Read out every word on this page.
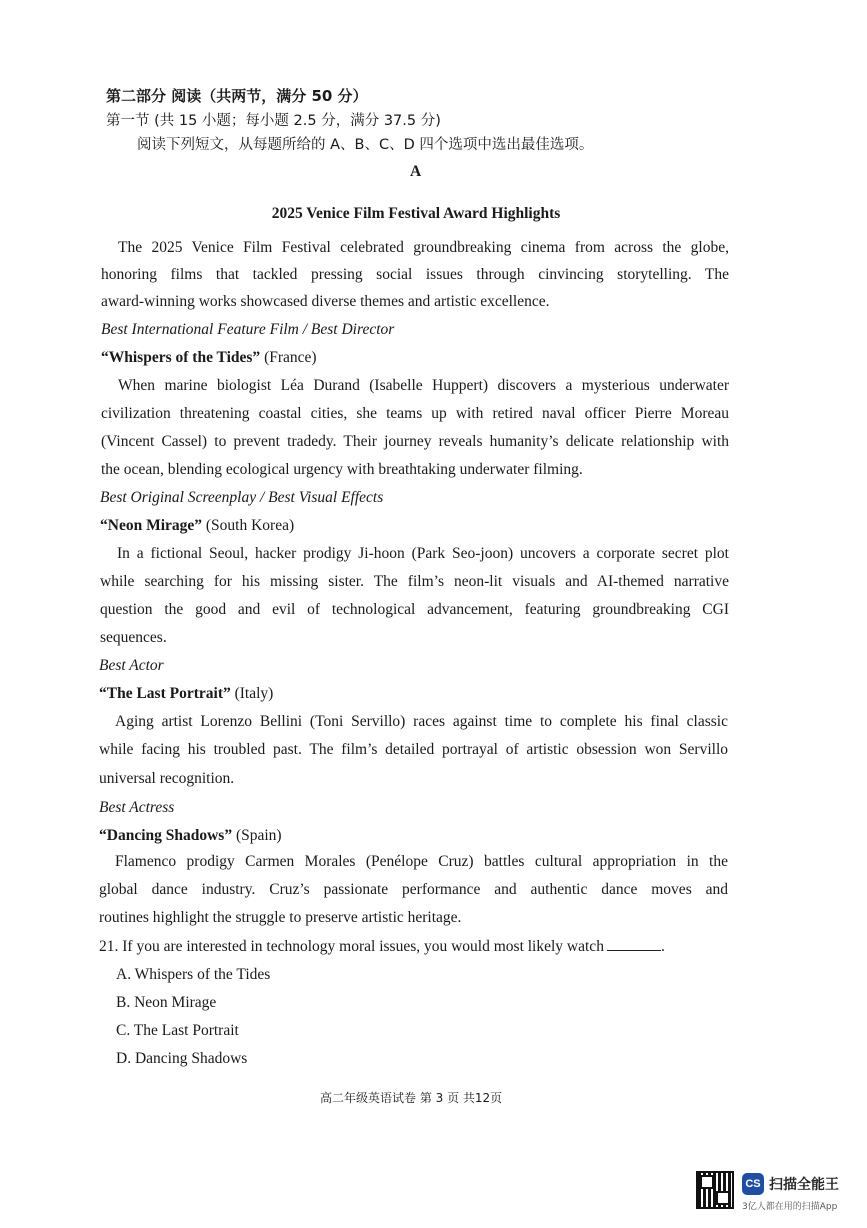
第二部分 阅读（共两节，满分 50 分）
第一节 (共 15 小题；每小题 2.5 分，满分 37.5 分)
阅读下列短文，从每题所给的 A、B、C、D 四个选项中选出最佳选项。
A
2025 Venice Film Festival Award Highlights
The 2025 Venice Film Festival celebrated groundbreaking cinema from across the globe,
honoring films that tackled pressing social issues through cinvincing storytelling. The
award-winning works showcased diverse themes and artistic excellence.
Best International Feature Film / Best Director
“Whispers of the Tides” (France)
When marine biologist Léa Durand (Isabelle Huppert) discovers a mysterious underwater
civilization threatening coastal cities, she teams up with retired naval officer Pierre Moreau
(Vincent Cassel) to prevent tradedy. Their journey reveals humanity’s delicate relationship with
the ocean, blending ecological urgency with breathtaking underwater filming.
Best Original Screenplay / Best Visual Effects
“Neon Mirage” (South Korea)
In a fictional Seoul, hacker prodigy Ji-hoon (Park Seo-joon) uncovers a corporate secret plot
while searching for his missing sister. The film’s neon-lit visuals and AI-themed narrative
question the good and evil of technological advancement, featuring groundbreaking CGI
sequences.
Best Actor
“The Last Portrait” (Italy)
Aging artist Lorenzo Bellini (Toni Servillo) races against time to complete his final classic
while facing his troubled past. The film’s detailed portrayal of artistic obsession won Servillo
universal recognition.
Best Actress
“Dancing Shadows” (Spain)
Flamenco prodigy Carmen Morales (Penélope Cruz) battles cultural appropriation in the
global dance industry. Cruz’s passionate performance and authentic dance moves and
routines highlight the struggle to preserve artistic heritage.
21. If you are interested in technology moral issues, you would most likely watch	.
A. Whispers of the Tides
B. Neon Mirage
C. The Last Portrait
D. Dancing Shadows
高二年级英语试卷 第 3 页 共12页
CS 扫描全能王
3亿人都在用的扫描App
